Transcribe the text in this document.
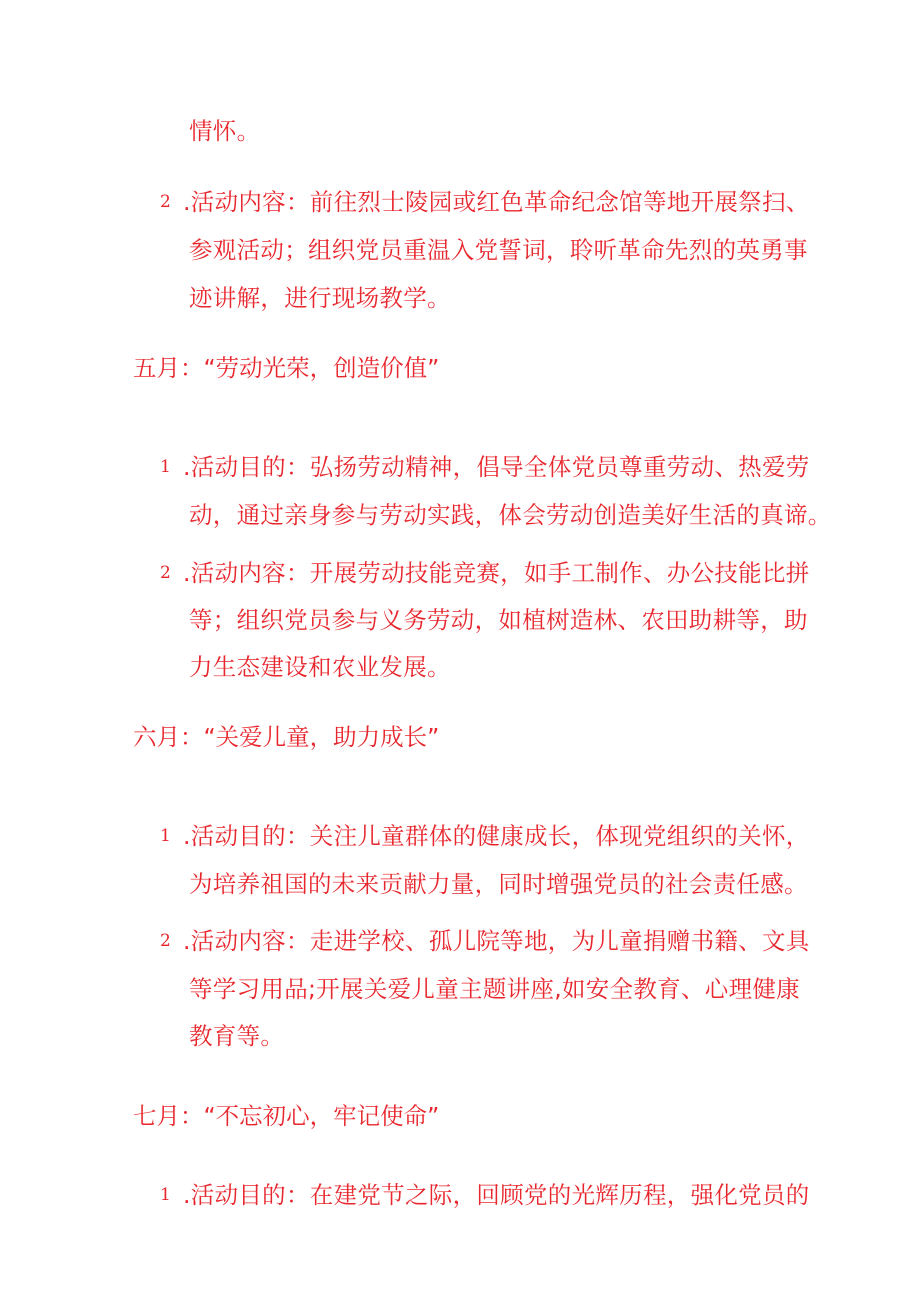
情怀。
2 .活动内容：前往烈士陵园或红色革命纪念馆等地开展祭扫、
参观活动；组织党员重温入党誓词，聆听革命先烈的英勇事
迹讲解，进行现场教学。
五月：“劳动光荣，创造价值”
1 .活动目的：弘扬劳动精神，倡导全体党员尊重劳动、热爱劳
动，通过亲身参与劳动实践，体会劳动创造美好生活的真谛。
2 .活动内容：开展劳动技能竞赛，如手工制作、办公技能比拼
等；组织党员参与义务劳动，如植树造林、农田助耕等，助
力生态建设和农业发展。
六月：“关爱儿童，助力成长”
1 .活动目的：关注儿童群体的健康成长，体现党组织的关怀，
为培养祖国的未来贡献力量，同时增强党员的社会责任感。
2 .活动内容：走进学校、孤儿院等地，为儿童捐赠书籍、文具
等学习用品;开展关爱儿童主题讲座,如安全教育、心理健康
教育等。
七月：“不忘初心，牢记使命”
1 .活动目的：在建党节之际，回顾党的光辉历程，强化党员的
